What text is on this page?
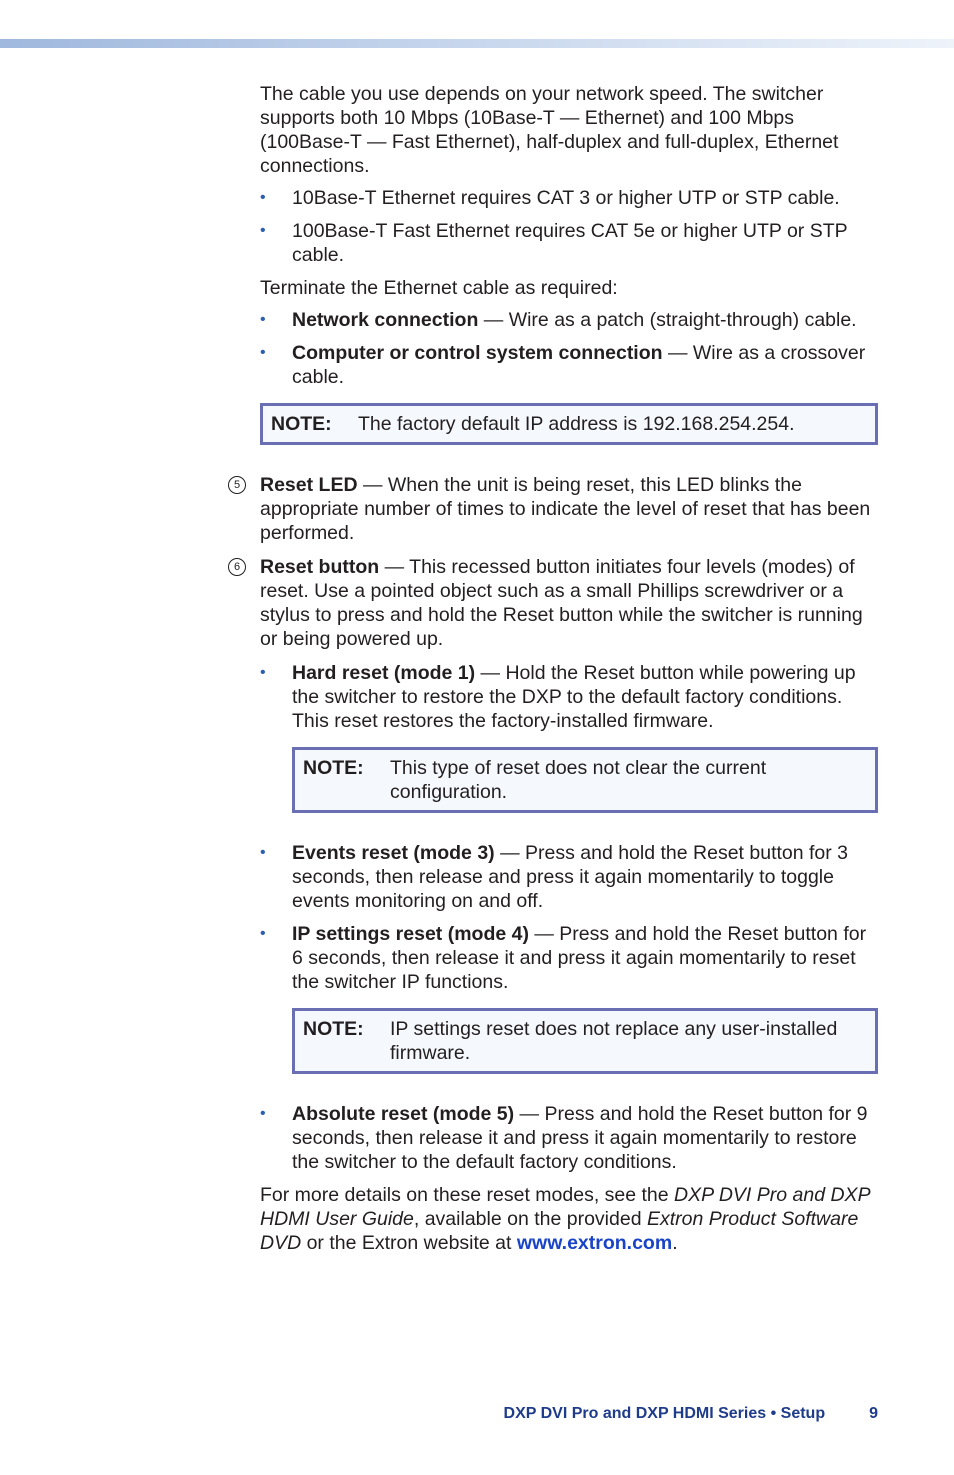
The cable you use depends on your network speed. The switcher supports both 10 Mbps (10Base-T — Ethernet) and 100 Mbps (100Base-T — Fast Ethernet), half-duplex and full-duplex, Ethernet connections.

• 10Base-T Ethernet requires CAT 3 or higher UTP or STP cable.
• 100Base-T Fast Ethernet requires CAT 5e or higher UTP or STP cable.

Terminate the Ethernet cable as required:

• Network connection — Wire as a patch (straight-through) cable.
• Computer or control system connection — Wire as a crossover cable.
NOTE:	The factory default IP address is 192.168.254.254.
5	Reset LED — When the unit is being reset, this LED blinks the appropriate number of times to indicate the level of reset that has been performed.
6	Reset button — This recessed button initiates four levels (modes) of reset. Use a pointed object such as a small Phillips screwdriver or a stylus to press and hold the Reset button while the switcher is running or being powered up.
• Hard reset (mode 1) — Hold the Reset button while powering up the switcher to restore the DXP to the default factory conditions. This reset restores the factory-installed firmware.
NOTE:	This type of reset does not clear the current configuration.
• Events reset (mode 3) — Press and hold the Reset button for 3 seconds, then release and press it again momentarily to toggle events monitoring on and off.
• IP settings reset (mode 4) — Press and hold the Reset button for 6 seconds, then release it and press it again momentarily to reset the switcher IP functions.
NOTE:	IP settings reset does not replace any user-installed firmware.
• Absolute reset (mode 5) — Press and hold the Reset button for 9 seconds, then release it and press it again momentarily to restore the switcher to the default factory conditions.

For more details on these reset modes, see the DXP DVI Pro and DXP HDMI User Guide, available on the provided Extron Product Software DVD or the Extron website at www.extron.com.

DXP DVI Pro and DXP HDMI Series • Setup	9
